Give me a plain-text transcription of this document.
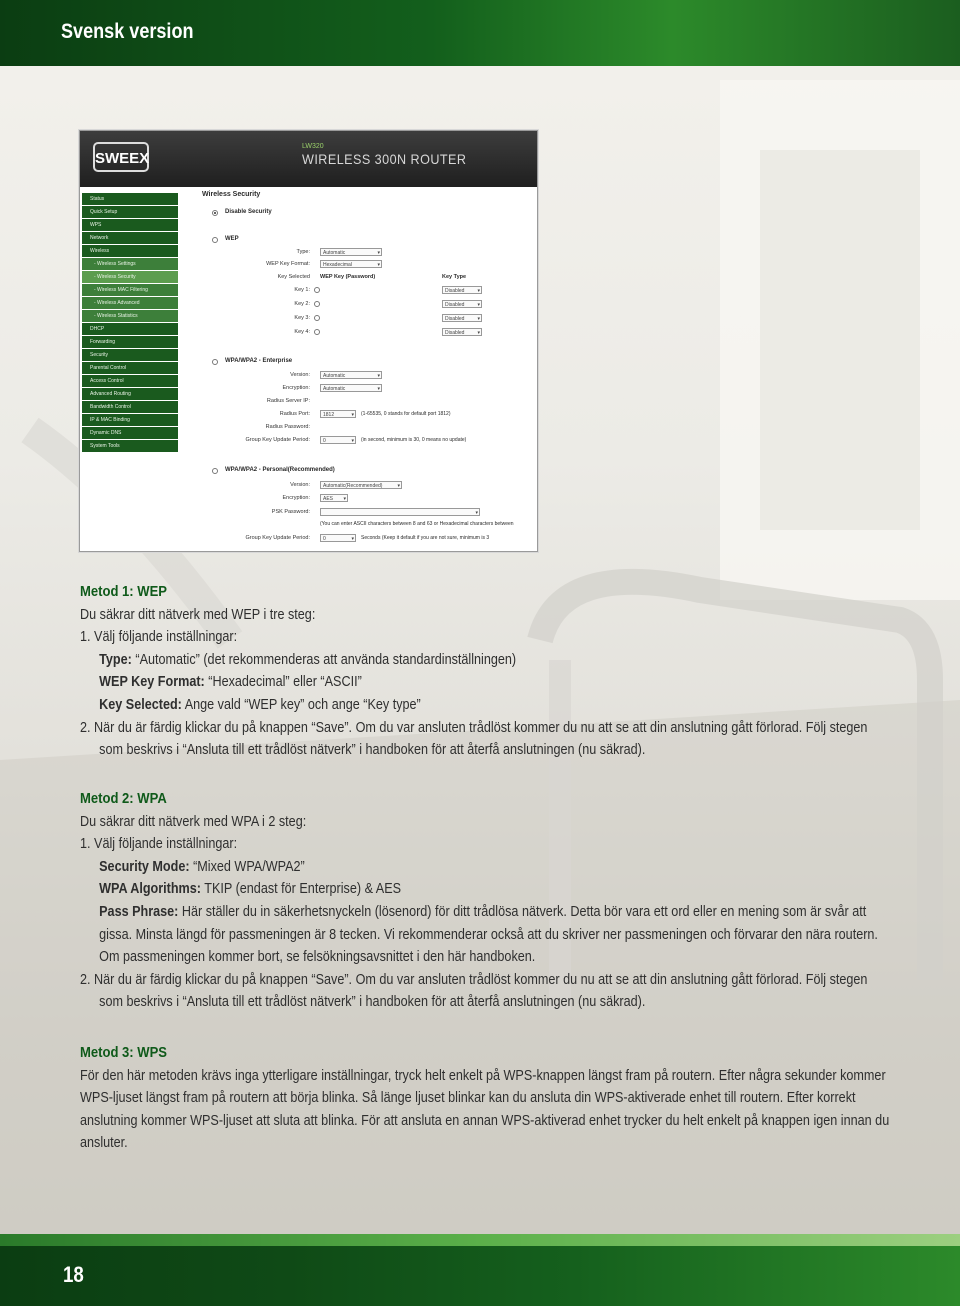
Svensk version
SWEEX
LW320
WIRELESS 300N ROUTER
Status
Quick Setup
WPS
Network
Wireless
- Wireless Settings
- Wireless Security
- Wireless MAC Filtering
- Wireless Advanced
- Wireless Statistics
DHCP
Forwarding
Security
Parental Control
Access Control
Advanced Routing
Bandwidth Control
IP & MAC Binding
Dynamic DNS
System Tools
Wireless Security
Disable Security
WEP
Type:	Automatic ▾
WEP Key Format:	Hexadecimal ▾
Key Selected WEP Key (Password)	Key Type
Key 1:	Disabled ▾
Key 2:	Disabled ▾
Key 3:	Disabled ▾
Key 4:	Disabled ▾
WPA/WPA2 - Enterprise
Version:	Automatic ▾
Encryption:	Automatic ▾
Radius Server IP:
Radius Port:	1812 ▾	(1-65535, 0 stands for default port 1812)
Radius Password:
Group Key Update Period:	0 ▾	(in second, minimum is 30, 0 means no update)
WPA/WPA2 - Personal(Recommended)
Version:	Automatic(Recommended) ▾
Encryption:	AES ▾
PSK Password:
▾
(You can enter ASCII characters between 8 and 63 or Hexadecimal characters between
Group Key Update Period:	0 ▾	Seconds (Keep it default if you are not sure, minimum is 3
Metod 1: WEP
Du säkrar ditt nätverk med WEP i tre steg:
1. Välj följande inställningar:
Type: “Automatic” (det rekommenderas att använda standardinställningen)
WEP Key Format: “Hexadecimal” eller “ASCII”
Key Selected: Ange vald “WEP key” och ange “Key type”
2. När du är färdig klickar du på knappen “Save”. Om du var ansluten trådlöst kommer du nu att se att din anslutning gått förlorad. Följ stegen
som beskrivs i “Ansluta till ett trådlöst nätverk” i handboken för att återfå anslutningen (nu säkrad).
Metod 2: WPA
Du säkrar ditt nätverk med WPA i 2 steg:
1. Välj följande inställningar:
Security Mode: “Mixed WPA/WPA2”
WPA Algorithms: TKIP (endast för Enterprise) & AES
Pass Phrase: Här ställer du in säkerhetsnyckeln (lösenord) för ditt trådlösa nätverk. Detta bör vara ett ord eller en mening som är svår att
gissa. Minsta längd för passmeningen är 8 tecken. Vi rekommenderar också att du skriver ner passmeningen och förvarar den nära routern.
Om passmeningen kommer bort, se felsökningsavsnittet i den här handboken.
2. När du är färdig klickar du på knappen “Save”. Om du var ansluten trådlöst kommer du nu att se att din anslutning gått förlorad. Följ stegen
som beskrivs i “Ansluta till ett trådlöst nätverk” i handboken för att återfå anslutningen (nu säkrad).
Metod 3: WPS
För den här metoden krävs inga ytterligare inställningar, tryck helt enkelt på WPS-knappen längst fram på routern. Efter några sekunder kommer
WPS-ljuset längst fram på routern att börja blinka. Så länge ljuset blinkar kan du ansluta din WPS-aktiverade enhet till routern. Efter korrekt
anslutning kommer WPS-ljuset att sluta att blinka. För att ansluta en annan WPS-aktiverad enhet trycker du helt enkelt på knappen igen innan du
ansluter.
18
